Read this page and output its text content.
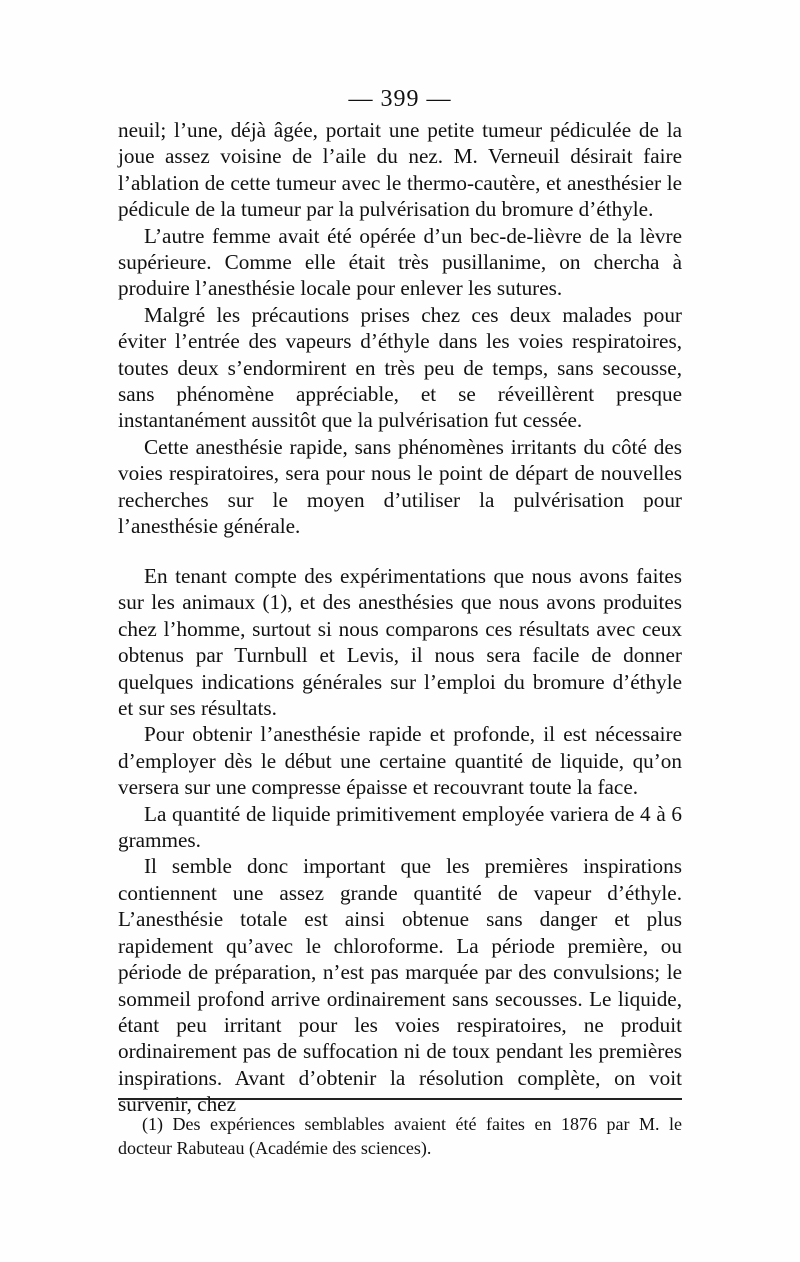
— 399 —

neuil; l’une, déjà âgée, portait une petite tumeur pédiculée de la joue assez voisine de l’aile du nez. M. Verneuil désirait faire l’ablation de cette tumeur avec le thermo-cautère, et anesthésier le pédicule de la tumeur par la pulvérisation du bromure d’éthyle.

L’autre femme avait été opérée d’un bec-de-lièvre de la lèvre supérieure. Comme elle était très pusillanime, on chercha à produire l’anesthésie locale pour enlever les sutures.

Malgré les précautions prises chez ces deux malades pour éviter l’entrée des vapeurs d’éthyle dans les voies respiratoires, toutes deux s’endormirent en très peu de temps, sans secousse, sans phénomène appréciable, et se réveillèrent presque instantanément aussitôt que la pulvérisation fut cessée.

Cette anesthésie rapide, sans phénomènes irritants du côté des voies respiratoires, sera pour nous le point de départ de nouvelles recherches sur le moyen d’utiliser la pulvérisation pour l’anesthésie générale.

En tenant compte des expérimentations que nous avons faites sur les animaux (1), et des anesthésies que nous avons produites chez l’homme, surtout si nous comparons ces résultats avec ceux obtenus par Turnbull et Levis, il nous sera facile de donner quelques indications générales sur l’emploi du bromure d’éthyle et sur ses résultats.

Pour obtenir l’anesthésie rapide et profonde, il est nécessaire d’employer dès le début une certaine quantité de liquide, qu’on versera sur une compresse épaisse et recouvrant toute la face.

La quantité de liquide primitivement employée variera de 4 à 6 grammes.

Il semble donc important que les premières inspirations contiennent une assez grande quantité de vapeur d’éthyle. L’anesthésie totale est ainsi obtenue sans danger et plus rapidement qu’avec le chloroforme. La période première, ou période de préparation, n’est pas marquée par des convulsions; le sommeil profond arrive ordinairement sans secousses. Le liquide, étant peu irritant pour les voies respiratoires, ne produit ordinairement pas de suffocation ni de toux pendant les premières inspirations. Avant d’obtenir la résolution complète, on voit survenir, chez

(1) Des expériences semblables avaient été faites en 1876 par M. le docteur Rabuteau (Académie des sciences).
